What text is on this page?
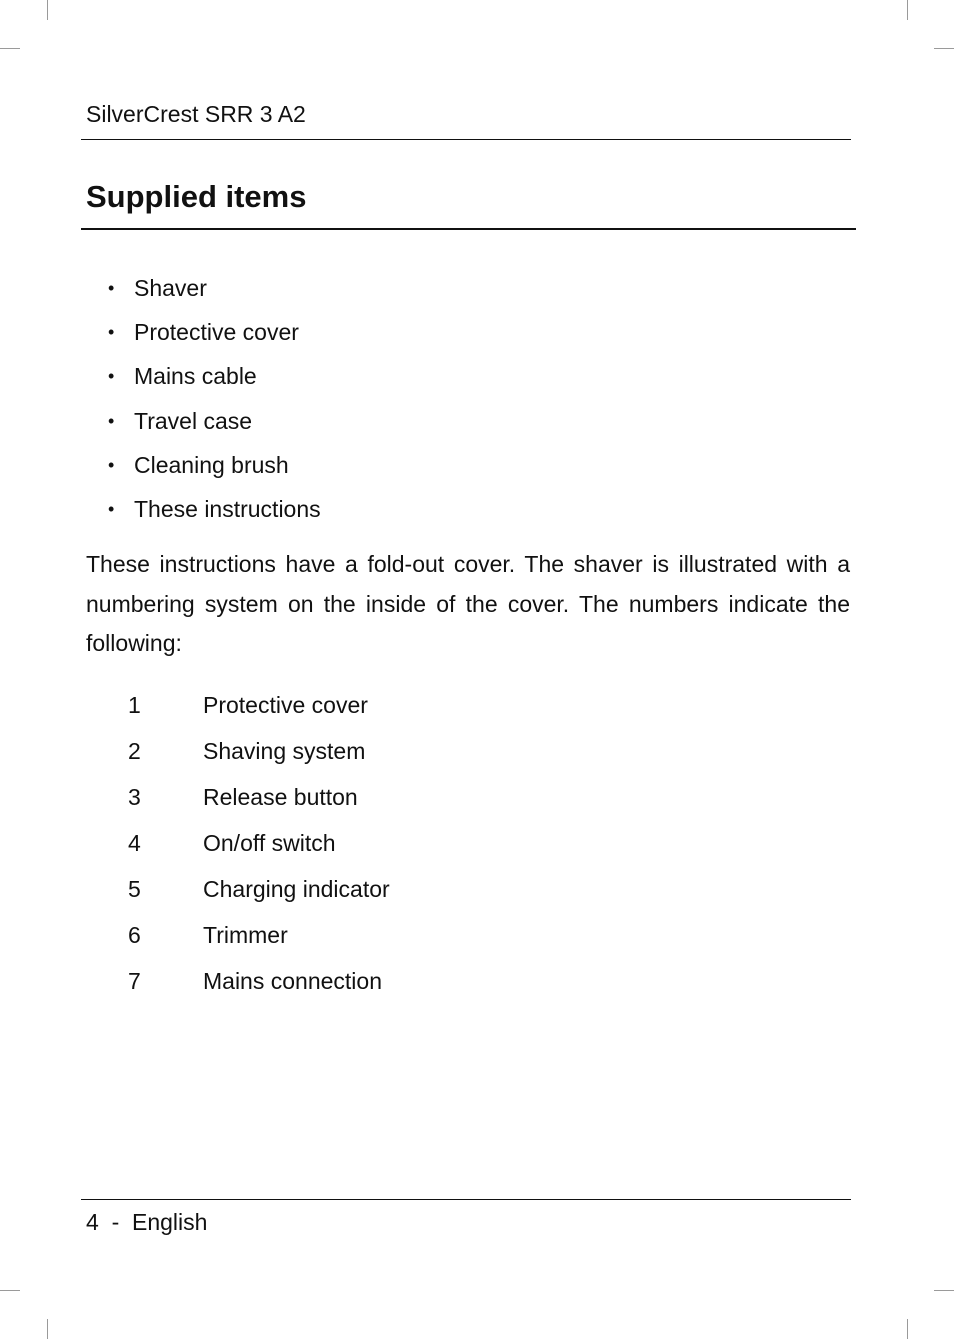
SilverCrest SRR 3 A2
Supplied items
• Shaver
• Protective cover
• Mains cable
• Travel case
• Cleaning brush
• These instructions

These instructions have a fold-out cover. The shaver is illustrated with a numbering system on the inside of the cover. The numbers indicate the following:

1	Protective cover
2	Shaving system
3	Release button
4	On/off switch
5	Charging indicator
6	Trimmer
7	Mains connection
4  -  English
